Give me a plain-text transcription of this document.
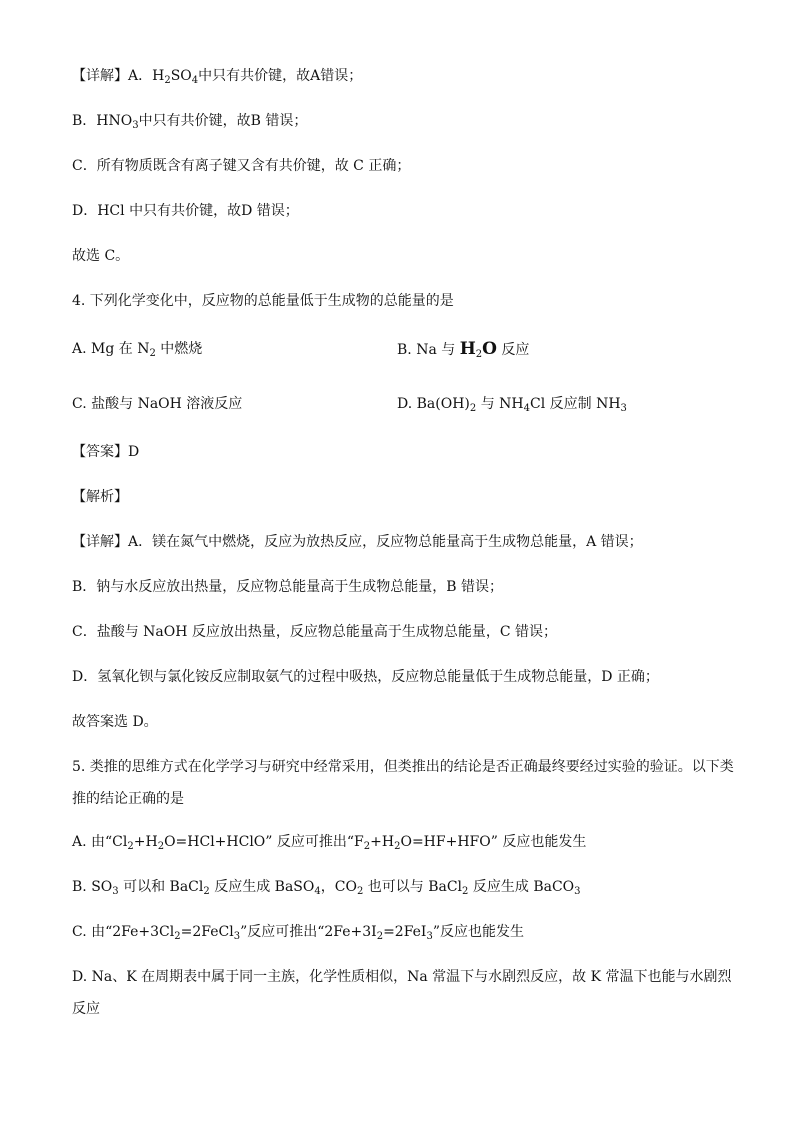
【详解】A．$H_2SO_4$中只有共价键，故A错误；
B．$HNO_3$中只有共价键，故B 错误；
C．所有物质既含有离子键又含有共价键，故 C 正确；
D．HCl 中只有共价键，故D 错误；
故选 C。
4. 下列化学变化中，反应物的总能量低于生成物的总能量的是
A. Mg 在 $N_2$ 中燃烧	B. Na 与 $H_2O$ 反应
C. 盐酸与 NaOH 溶液反应	D. $Ba(OH)_2$ 与 $NH_4Cl$ 反应制 $NH_3$
【答案】D
【解析】
【详解】A．镁在氮气中燃烧，反应为放热反应，反应物总能量高于生成物总能量，A 错误；
B．钠与水反应放出热量，反应物总能量高于生成物总能量，B 错误；
C．盐酸与 NaOH 反应放出热量，反应物总能量高于生成物总能量，C 错误；
D．氢氧化钡与氯化铵反应制取氨气的过程中吸热，反应物总能量低于生成物总能量，D 正确；
故答案选 D。
5. 类推的思维方式在化学学习与研究中经常采用，但类推出的结论是否正确最终要经过实验的验证。以下类推的结论正确的是
A. 由“$Cl_2+H_2O=HCl+HClO$” 反应可推出“$F_2+H_2O=HF+HFO$” 反应也能发生
B. $SO_3$ 可以和 BaCl$_2$ 反应生成 BaSO$_4$，$CO_2$ 也可以与 BaCl$_2$ 反应生成 BaCO$_3$
C. 由“$2Fe+3Cl_2=2FeCl_3$”反应可推出“$2Fe+3I_2=2FeI_3$”反应也能发生
D. Na、K 在周期表中属于同一主族，化学性质相似，Na 常温下与水剧烈反应，故 K 常温下也能与水剧烈反应
